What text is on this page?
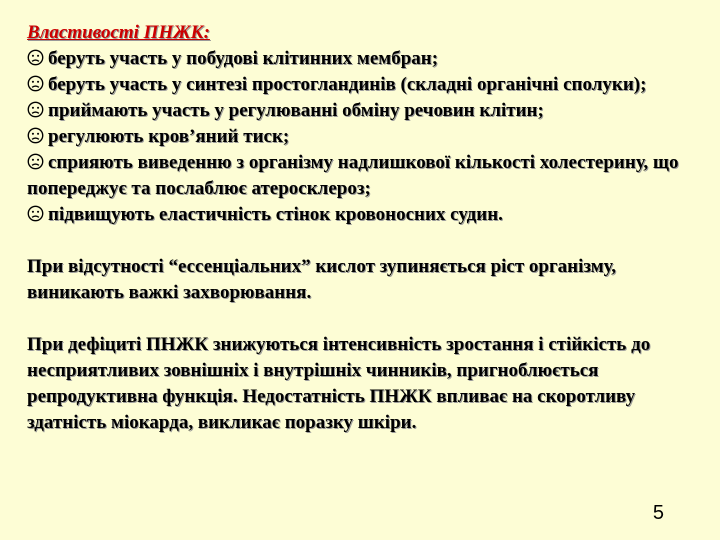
Властивості ПНЖК:

беруть участь у побудові клітинних мембран;

беруть участь у синтезі простогландинів (складні органічні сполуки);

приймають участь у регулюванні обміну речовин клітин;

регулюють кров’яний тиск;

сприяють виведенню з організму надлишкової кількості холестерину, що попереджує та послаблює атеросклероз;

підвищують еластичність стінок кровоносних судин.

При відсутності “ессенціальних” кислот зупиняється ріст організму, виникають важкі захворювання.

При дефіциті ПНЖК знижуються інтенсивність зростання і стійкість до несприятливих зовнішніх і внутрішніх чинників, пригноблюється репродуктивна функція. Недостатність ПНЖК впливає на скоротливу здатність міокарда, викликає поразку шкіри.

5
